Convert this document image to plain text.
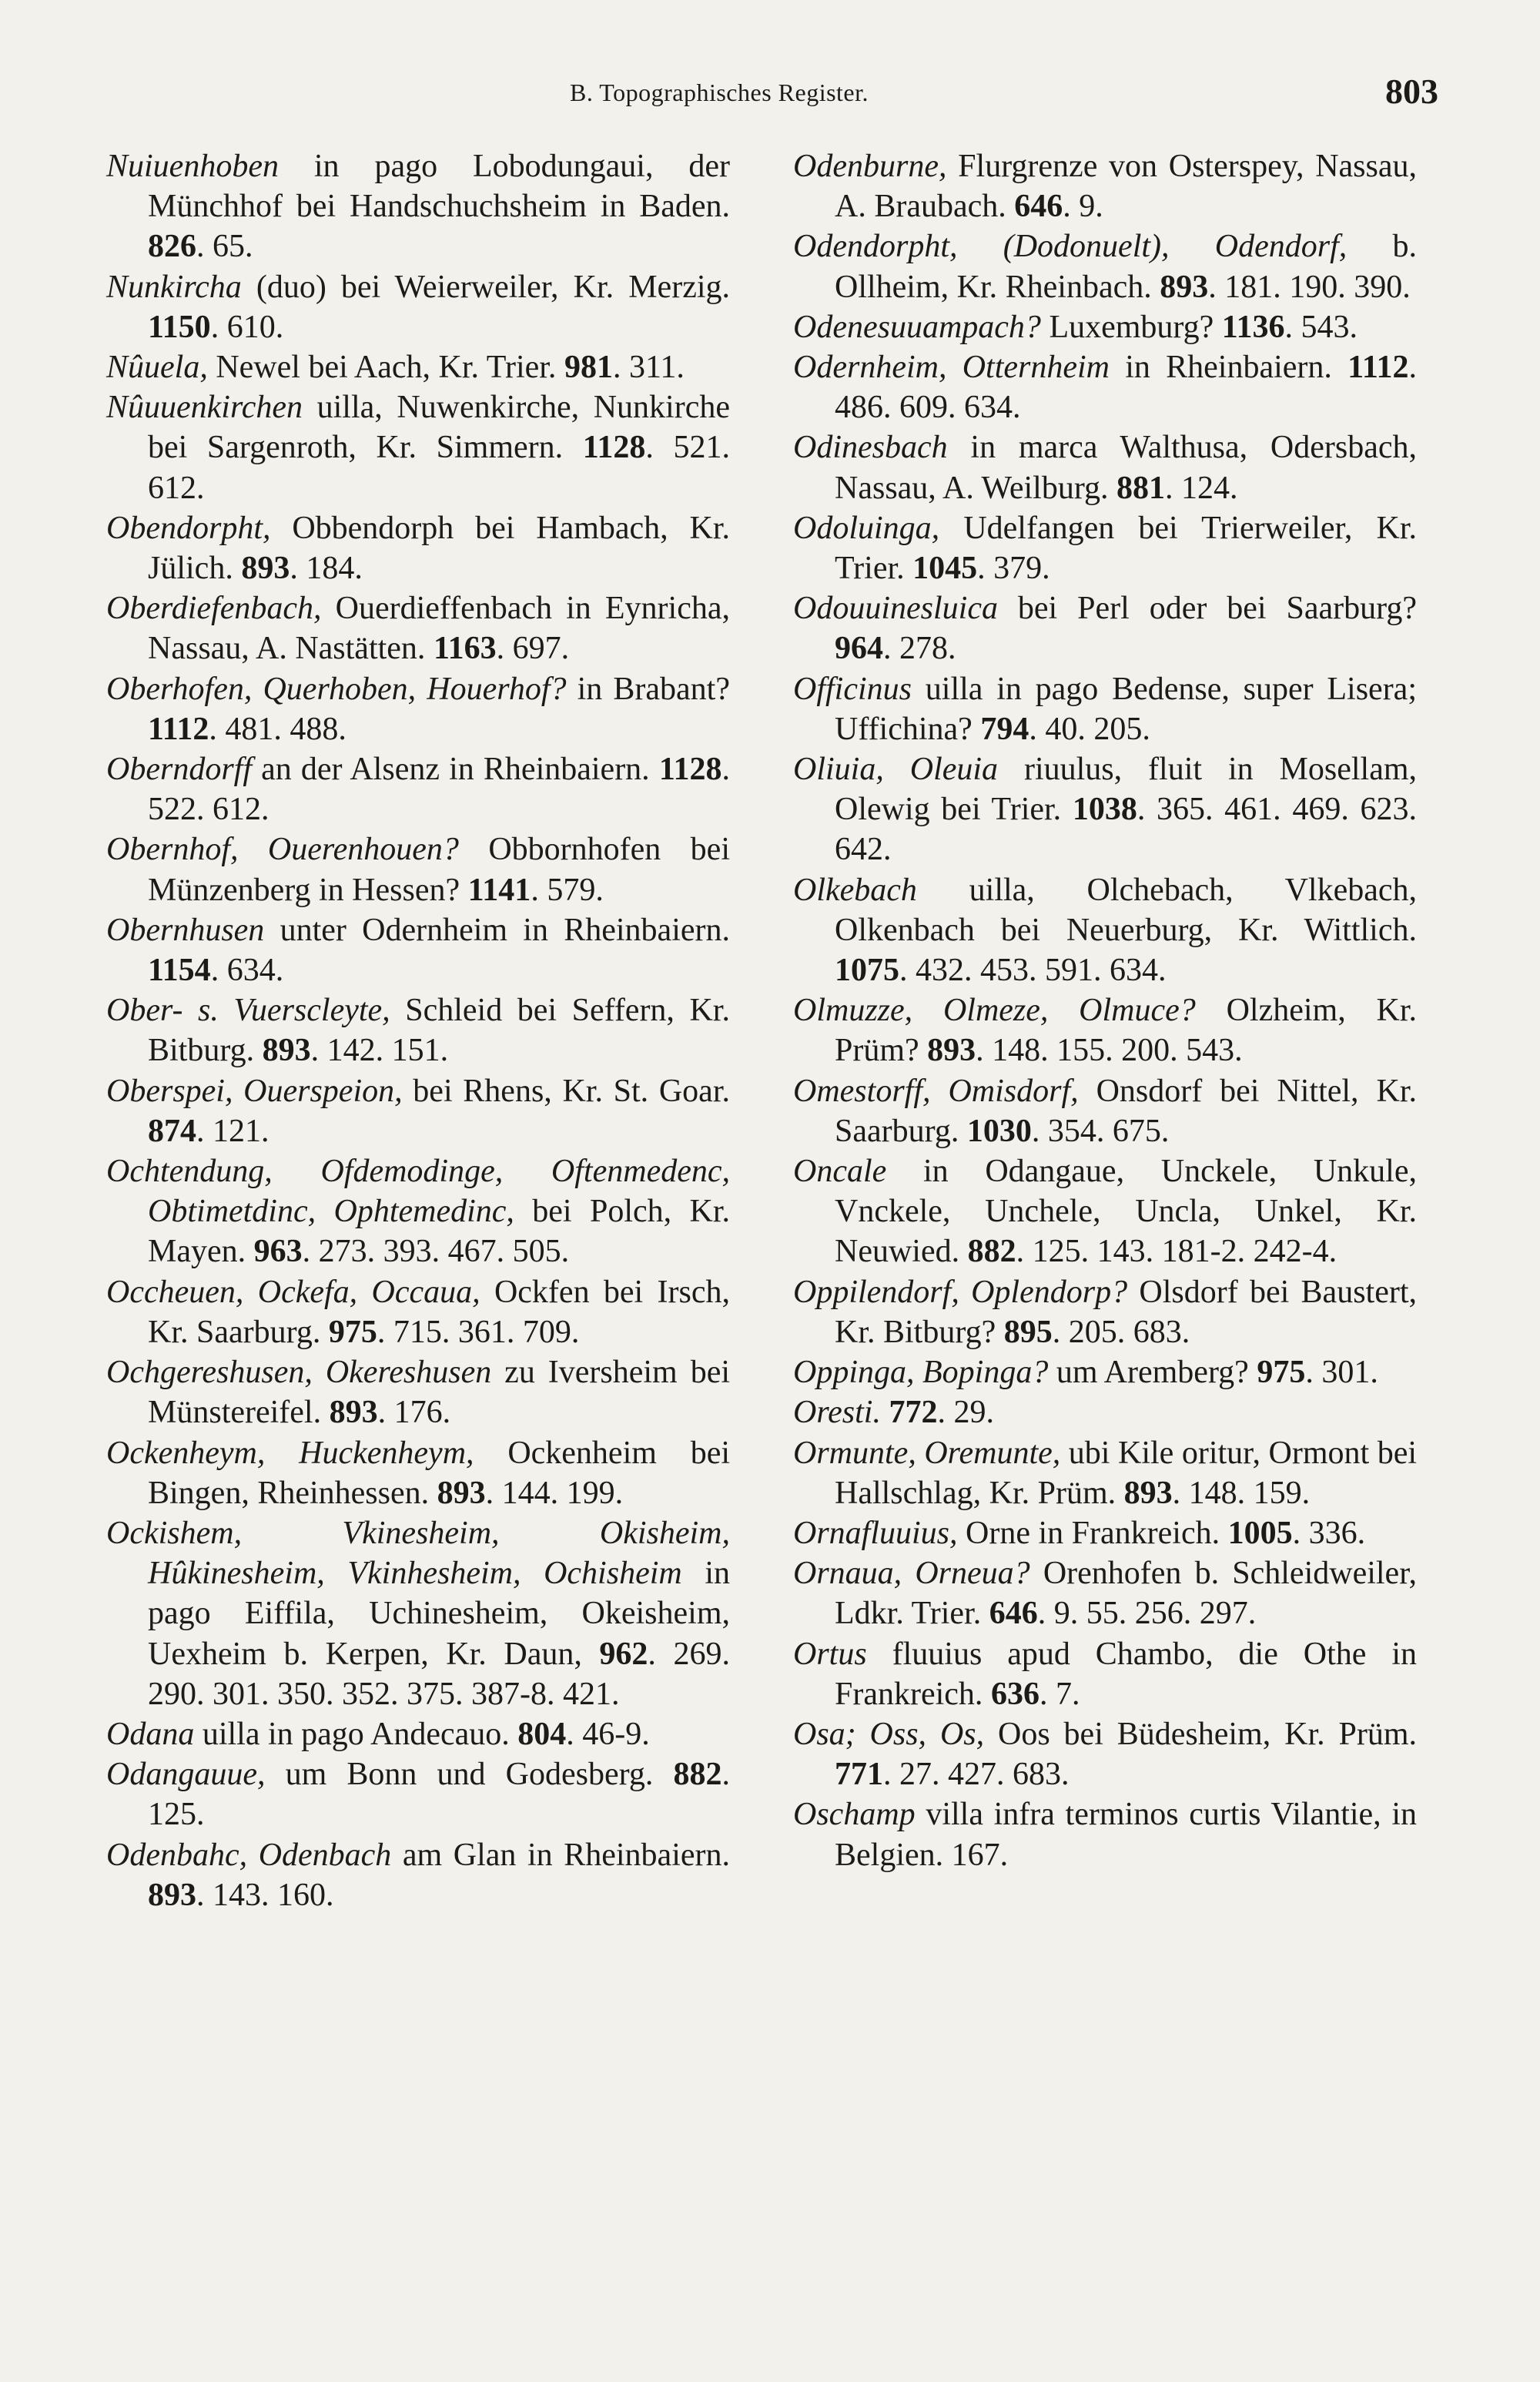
B. Topographisches Register.	803

Nuiuenhoben in pago Lobodungaui, der Münchhof bei Handschuchsheim in Baden. 826. 65.

Nunkircha (duo) bei Weierweiler, Kr. Merzig. 1150. 610.

Nûuela, Newel bei Aach, Kr. Trier. 981. 311.

Nûuuenkirchen uilla, Nuwenkirche, Nunkirche bei Sargenroth, Kr. Simmern. 1128. 521. 612.

Obendorpht, Obbendorph bei Hambach, Kr. Jülich. 893. 184.

Oberdiefenbach, Ouerdieffenbach in Eynricha, Nassau, A. Nastätten. 1163. 697.

Oberhofen, Querhoben, Houerhof? in Brabant? 1112. 481. 488.

Oberndorff an der Alsenz in Rheinbaiern. 1128. 522. 612.

Obernhof, Ouerenhouen? Obbornhofen bei Münzenberg in Hessen? 1141. 579.

Obernhusen unter Odernheim in Rheinbaiern. 1154. 634.

Ober- s. Vuerscleyte, Schleid bei Seffern, Kr. Bitburg. 893. 142. 151.

Oberspei, Ouerspeion, bei Rhens, Kr. St. Goar. 874. 121.

Ochtendung, Ofdemodinge, Oftenmedenc, Obtimetdinc, Ophtemedinc, bei Polch, Kr. Mayen. 963. 273. 393. 467. 505.

Occheuen, Ockefa, Occaua, Ockfen bei Irsch, Kr. Saarburg. 975. 715. 361. 709.

Ochgereshusen, Okereshusen zu Iversheim bei Münstereifel. 893. 176.

Ockenheym, Huckenheym, Ockenheim bei Bingen, Rheinhessen. 893. 144. 199.

Ockishem, Vkinesheim, Okisheim, Hûkinesheim, Vkinhesheim, Ochisheim in pago Eiffila, Uchinesheim, Okeisheim, Uexheim b. Kerpen, Kr. Daun, 962. 269. 290. 301. 350. 352. 375. 387-8. 421.

Odana uilla in pago Andecauo. 804. 46-9.

Odangauue, um Bonn und Godesberg. 882. 125.

Odenbahc, Odenbach am Glan in Rheinbaiern. 893. 143. 160.

Odenburne, Flurgrenze von Osterspey, Nassau, A. Braubach. 646. 9.

Odendorpht, (Dodonuelt), Odendorf, b. Ollheim, Kr. Rheinbach. 893. 181. 190. 390.

Odenesuuampach? Luxemburg? 1136. 543.

Odernheim, Otternheim in Rheinbaiern. 1112. 486. 609. 634.

Odinesbach in marca Walthusa, Odersbach, Nassau, A. Weilburg. 881. 124.

Odoluinga, Udelfangen bei Trierweiler, Kr. Trier. 1045. 379.

Odouuinesluica bei Perl oder bei Saarburg? 964. 278.

Officinus uilla in pago Bedense, super Lisera; Uffichina? 794. 40. 205.

Oliuia, Oleuia riuulus, fluit in Mosellam, Olewig bei Trier. 1038. 365. 461. 469. 623. 642.

Olkebach uilla, Olchebach, Vlkebach, Olkenbach bei Neuerburg, Kr. Wittlich. 1075. 432. 453. 591. 634.

Olmuzze, Olmeze, Olmuce? Olzheim, Kr. Prüm? 893. 148. 155. 200. 543.

Omestorff, Omisdorf, Onsdorf bei Nittel, Kr. Saarburg. 1030. 354. 675.

Oncale in Odangaue, Unckele, Unkule, Vnckele, Unchele, Uncla, Unkel, Kr. Neuwied. 882. 125. 143. 181-2. 242-4.

Oppilendorf, Oplendorp? Olsdorf bei Baustert, Kr. Bitburg? 895. 205. 683.

Oppinga, Bopinga? um Aremberg? 975. 301.

Oresti. 772. 29.

Ormunte, Oremunte, ubi Kile oritur, Ormont bei Hallschlag, Kr. Prüm. 893. 148. 159.

Ornafluuius, Orne in Frankreich. 1005. 336.

Ornaua, Orneua? Orenhofen b. Schleidweiler, Ldkr. Trier. 646. 9. 55. 256. 297.

Ortus fluuius apud Chambo, die Othe in Frankreich. 636. 7.

Osa; Oss, Os, Oos bei Büdesheim, Kr. Prüm. 771. 27. 427. 683.

Oschamp villa infra terminos curtis Vilantie, in Belgien. 167.
